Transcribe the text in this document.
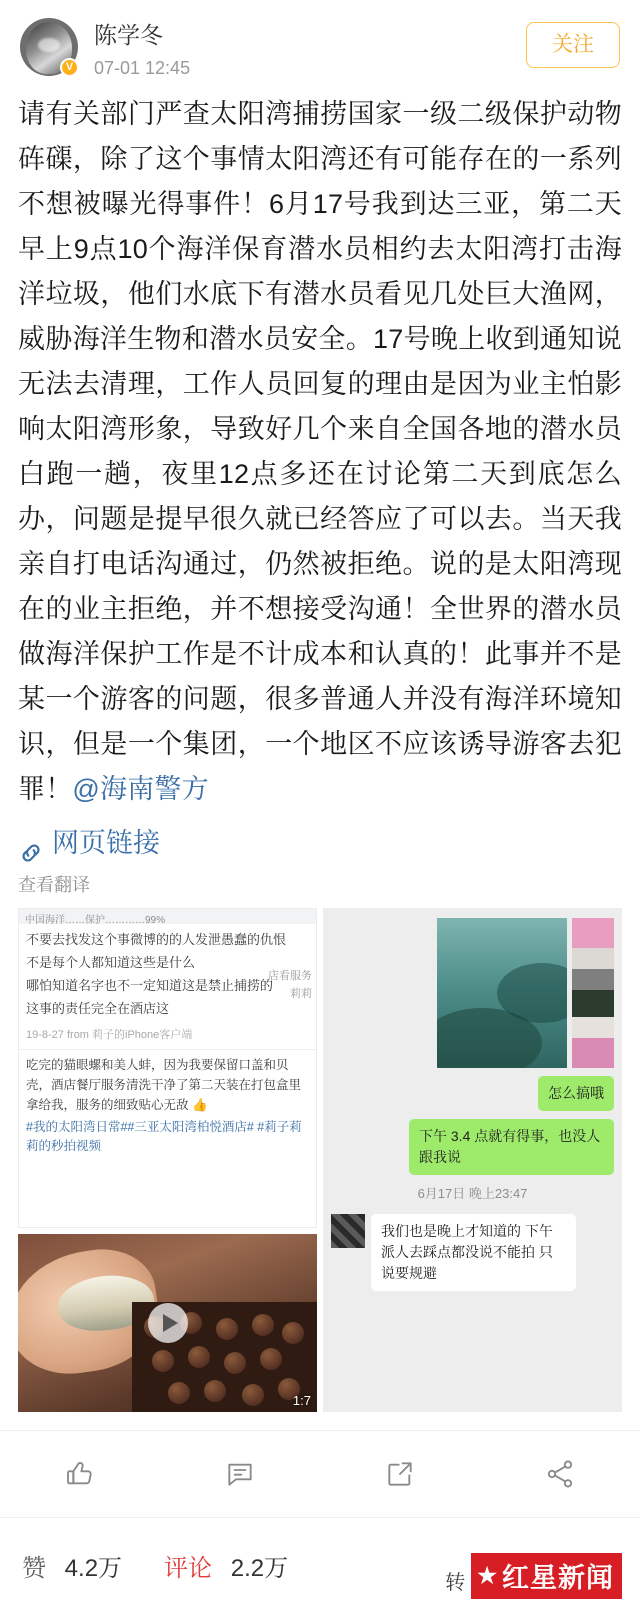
V
陈学冬
07-01 12:45
关注
请有关部门严查太阳湾捕捞国家一级二级保护动物砗磲，除了这个事情太阳湾还有可能存在的一系列不想被曝光得事件！6月17号我到达三亚，第二天早上9点10个海洋保育潜水员相约去太阳湾打击海洋垃圾，他们水底下有潜水员看见几处巨大渔网，威胁海洋生物和潜水员安全。17号晚上收到通知说无法去清理，工作人员回复的理由是因为业主怕影响太阳湾形象，导致好几个来自全国各地的潜水员白跑一趟，夜里12点多还在讨论第二天到底怎么办，问题是提早很久就已经答应了可以去。当天我亲自打电话沟通过，仍然被拒绝。说的是太阳湾现在的业主拒绝，并不想接受沟通！全世界的潜水员做海洋保护工作是不计成本和认真的！此事并不是某一个游客的问题，很多普通人并没有海洋环境知识，但是一个集团，一个地区不应该诱导游客去犯罪！@海南警方
网页链接
查看翻译
中国海洋……保护…………99%

不要去找发这个事微博的的人发泄愚蠢的仇恨

不是每个人都知道这些是什么

哪怕知道名字也不一定知道这是禁止捕捞的

这事的责任完全在酒店这

19-8-27 from 莉子的iPhone客户端
吃完的猫眼螺和美人蚌，因为我要保留口盖和贝壳，酒店餐厅服务清洗干净了第二天装在打包盒里拿给我，服务的细致贴心无敌 👍
#我的太阳湾日常##三亚太阳湾柏悦酒店# #莉子莉莉的秒拍视频
店看服务莉莉
1:7
怎么搞哦
下午 3.4 点就有得事，也没人跟我说
6月17日 晚上23:47
我们也是晚上才知道的 下午派人去踩点都没说不能拍 只说要规避
赞 4.2万 评论 2.2万
转 ★ 红星新闻
